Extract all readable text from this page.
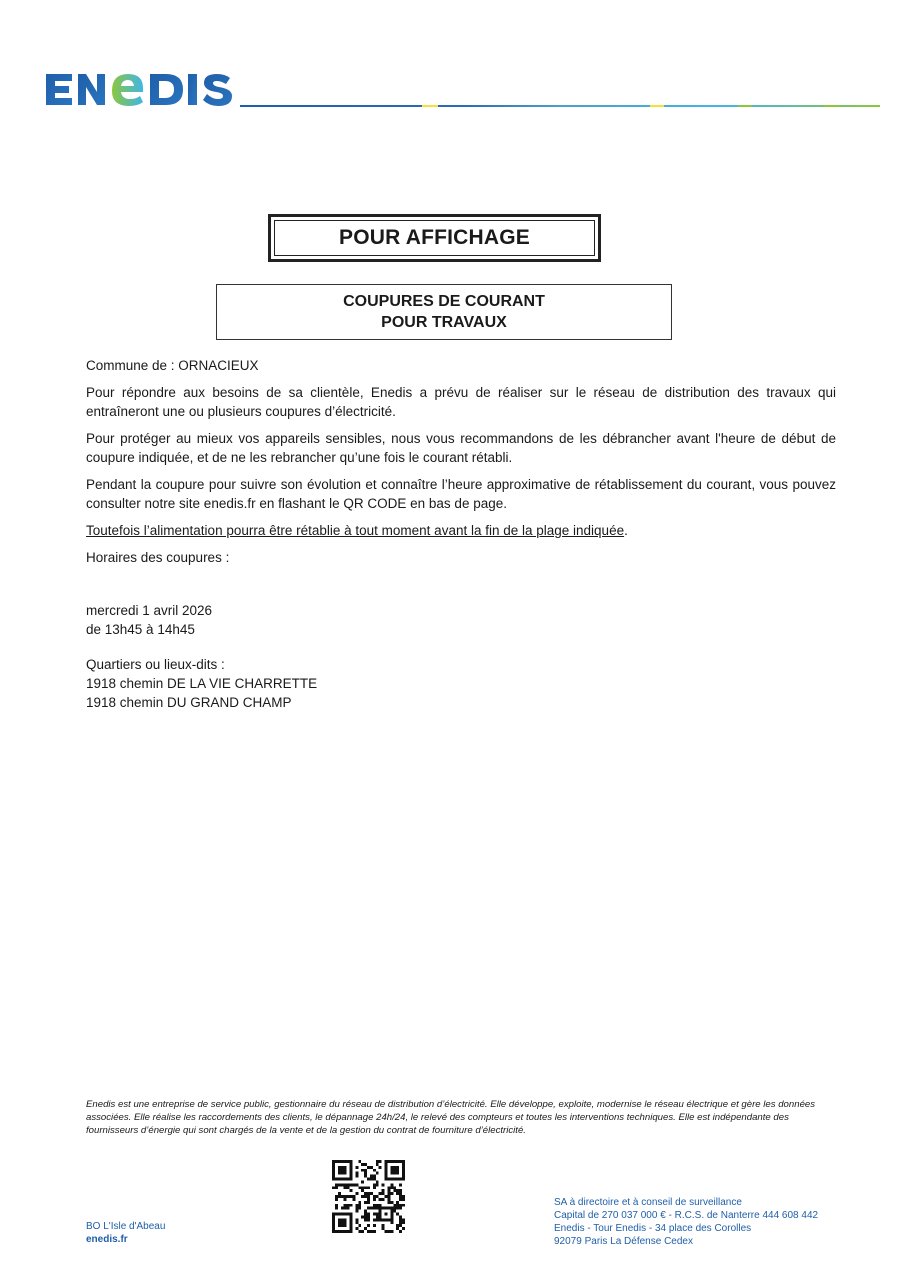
POUR AFFICHAGE
COUPURES DE COURANT
POUR TRAVAUX

Commune de : ORNACIEUX

Pour répondre aux besoins de sa clientèle, Enedis a prévu de réaliser sur le réseau de distribution des travaux qui entraîneront une ou plusieurs coupures d’électricité.

Pour protéger au mieux vos appareils sensibles, nous vous recommandons de les débrancher avant l'heure de début de coupure indiquée, et de ne les rebrancher qu’une fois le courant rétabli.

Pendant la coupure pour suivre son évolution et connaître l’heure approximative de rétablissement du courant, vous pouvez consulter notre site enedis.fr en flashant le QR CODE en bas de page.

Toutefois l’alimentation pourra être rétablie à tout moment avant la fin de la plage indiquée.

Horaires des coupures :

mercredi 1 avril 2026
de 13h45 à 14h45
Quartiers ou lieux-dits :
1918 chemin DE LA VIE CHARRETTE
1918 chemin DU GRAND CHAMP
Enedis est une entreprise de service public, gestionnaire du réseau de distribution d’électricité. Elle développe, exploite, modernise le réseau électrique et gère les données associées. Elle réalise les raccordements des clients, le dépannage 24h/24, le relevé des compteurs et toutes les interventions techniques. Elle est indépendante des fournisseurs d’énergie qui sont chargés de la vente et de la gestion du contrat de fourniture d’électricité.
BO L'Isle d'Abeau
enedis.fr
SA à directoire et à conseil de surveillance
Capital de 270 037 000 € - R.C.S. de Nanterre 444 608 442
Enedis - Tour Enedis - 34 place des Corolles
92079 Paris La Défense Cedex
